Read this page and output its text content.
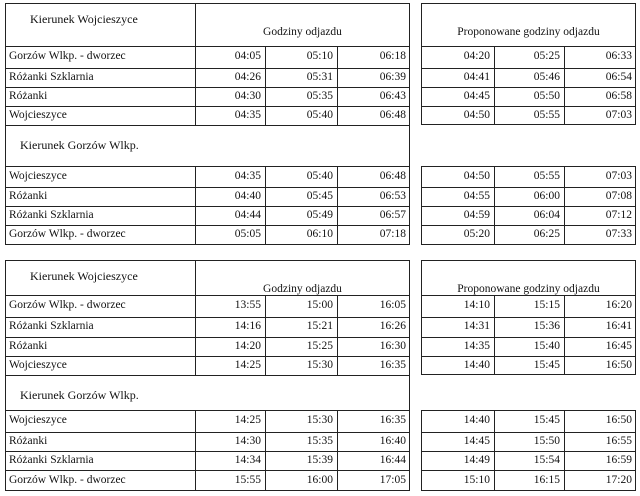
Godziny odjazdu	Proponowane godziny odjazdu
Kierunek Wojcieszyce
Gorzów Wlkp. - dworzec	04:05	05:10	06:18	04:20	05:25	06:33
Różanki Szklarnia	04:26	05:31	06:39	04:41	05:46	06:54
Różanki	04:30	05:35	06:43	04:45	05:50	06:58
Wojcieszyce	04:35	05:40	06:48	04:50	05:55	07:03
Kierunek Gorzów Wlkp.
Wojcieszyce	04:35	05:40	06:48	04:50	05:55	07:03
Różanki	04:40	05:45	06:53	04:55	06:00	07:08
Różanki Szklarnia	04:44	05:49	06:57	04:59	06:04	07:12
Gorzów Wlkp. - dworzec	05:05	06:10	07:18	05:20	06:25	07:33
Godziny odjazdu	Proponowane godziny odjazdu
Kierunek Wojcieszyce
Gorzów Wlkp. - dworzec	13:55	15:00	16:05	14:10	15:15	16:20
Różanki Szklarnia	14:16	15:21	16:26	14:31	15:36	16:41
Różanki	14:20	15:25	16:30	14:35	15:40	16:45
Wojcieszyce	14:25	15:30	16:35	14:40	15:45	16:50
Kierunek Gorzów Wlkp.
Wojcieszyce	14:25	15:30	16:35	14:40	15:45	16:50
Różanki	14:30	15:35	16:40	14:45	15:50	16:55
Różanki Szklarnia	14:34	15:39	16:44	14:49	15:54	16:59
Gorzów Wlkp. - dworzec	15:55	16:00	17:05	15:10	16:15	17:20
